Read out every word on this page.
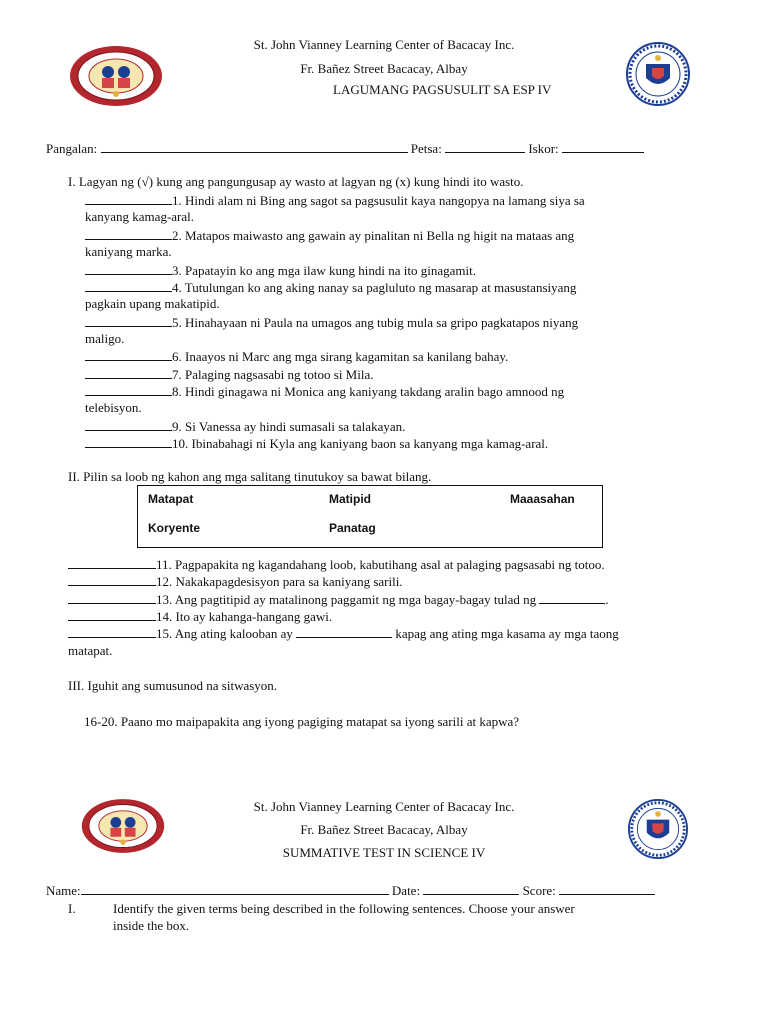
St. John Vianney Learning Center of Bacacay Inc.
Fr. Bañez Street Bacacay, Albay
LAGUMANG PAGSUSULIT SA ESP IV
Pangalan:	Petsa:	Iskor:
I. Lagyan ng (√) kung ang pangungusap ay wasto at lagyan ng (x) kung hindi ito wasto.
1. Hindi alam ni Bing ang sagot sa pagsusulit kaya nangopya na lamang siya sa
kanyang kamag-aral.
2. Matapos maiwasto ang gawain ay pinalitan ni Bella ng higit na mataas ang
kaniyang marka.
3. Papatayin ko ang mga ilaw kung hindi na ito ginagamit.
4. Tutulungan ko ang aking nanay sa pagluluto ng masarap at masustansiyang
pagkain upang makatipid.
5. Hinahayaan ni Paula na umagos ang tubig mula sa gripo pagkatapos niyang
maligo.
6. Inaayos ni Marc ang mga sirang kagamitan sa kanilang bahay.
7. Palaging nagsasabi ng totoo si Mila.
8. Hindi ginagawa ni Monica ang kaniyang takdang aralin bago amnood ng
telebisyon.
9. Si Vanessa ay hindi sumasali sa talakayan.
10. Ibinabahagi ni Kyla ang kaniyang baon sa kanyang mga kamag-aral.
II. Pilin sa loob ng kahon ang mga salitang tinutukoy sa bawat bilang.
Matapat	Matipid	Maaasahan
Koryente	Panatag
11. Pagpapakita ng kagandahang loob, kabutihang asal at palaging pagsasabi ng totoo.
12. Nakakapagdesisyon para sa kaniyang sarili.
13. Ang pagtitipid ay matalinong paggamit ng mga bagay-bagay tulad ng	.
14. Ito ay kahanga-hangang gawi.
15. Ang ating kalooban ay	kapag ang ating mga kasama ay mga taong
matapat.
III. Iguhit ang sumusunod na sitwasyon.
16-20. Paano mo maipapakita ang iyong pagiging matapat sa iyong sarili at kapwa?
St. John Vianney Learning Center of Bacacay Inc.
Fr. Bañez Street Bacacay, Albay
SUMMATIVE TEST IN SCIENCE IV
Name:	Date:	Score:
I.	Identify the given terms being described in the following sentences. Choose your answer
inside the box.
